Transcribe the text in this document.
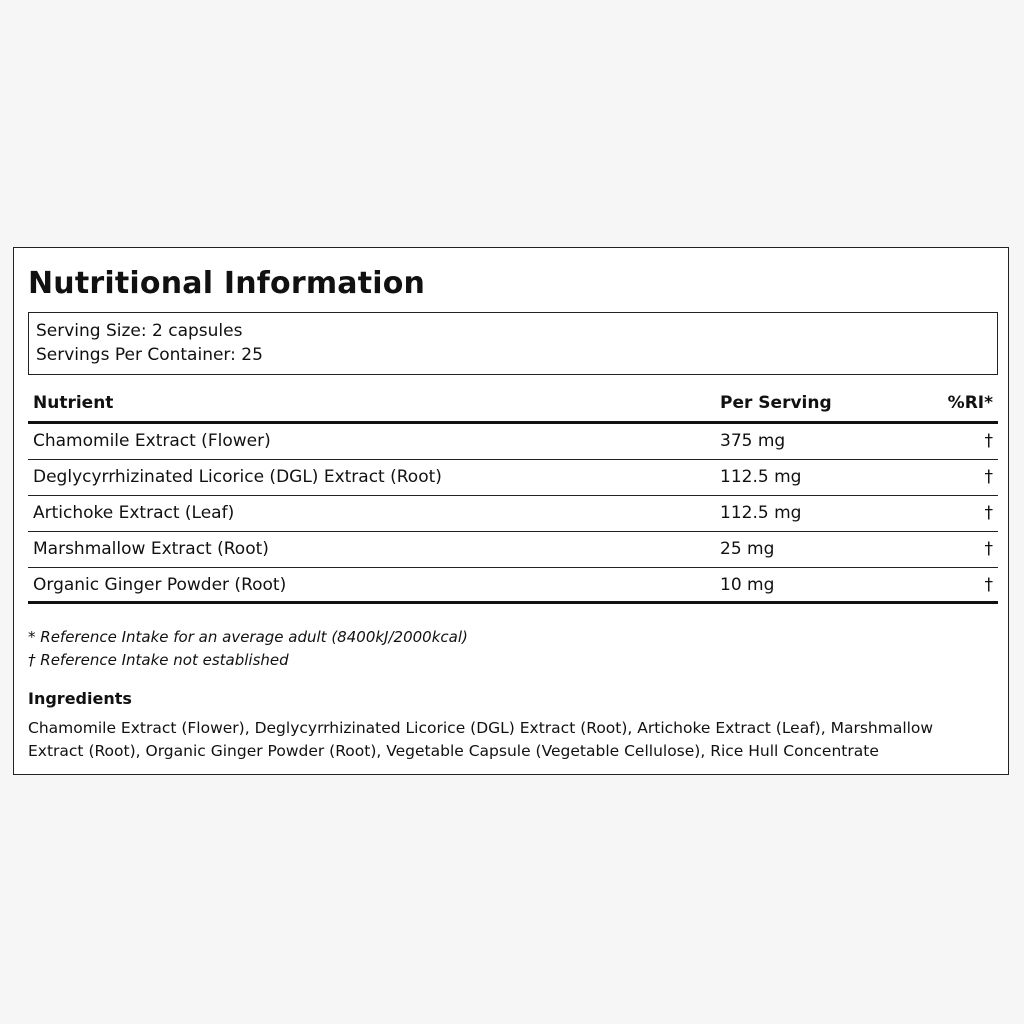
Nutritional Information
Serving Size: 2 capsules
Servings Per Container: 25
Nutrient	Per Serving	%RI*
Chamomile Extract (Flower)	375 mg	†
Deglycyrrhizinated Licorice (DGL) Extract (Root)	112.5 mg	†
Artichoke Extract (Leaf)	112.5 mg	†
Marshmallow Extract (Root)	25 mg	†
Organic Ginger Powder (Root)	10 mg	†
* Reference Intake for an average adult (8400kJ/2000kcal)
† Reference Intake not established
Ingredients
Chamomile Extract (Flower), Deglycyrrhizinated Licorice (DGL) Extract (Root), Artichoke Extract (Leaf), Marshmallow Extract (Root), Organic Ginger Powder (Root), Vegetable Capsule (Vegetable Cellulose), Rice Hull Concentrate
